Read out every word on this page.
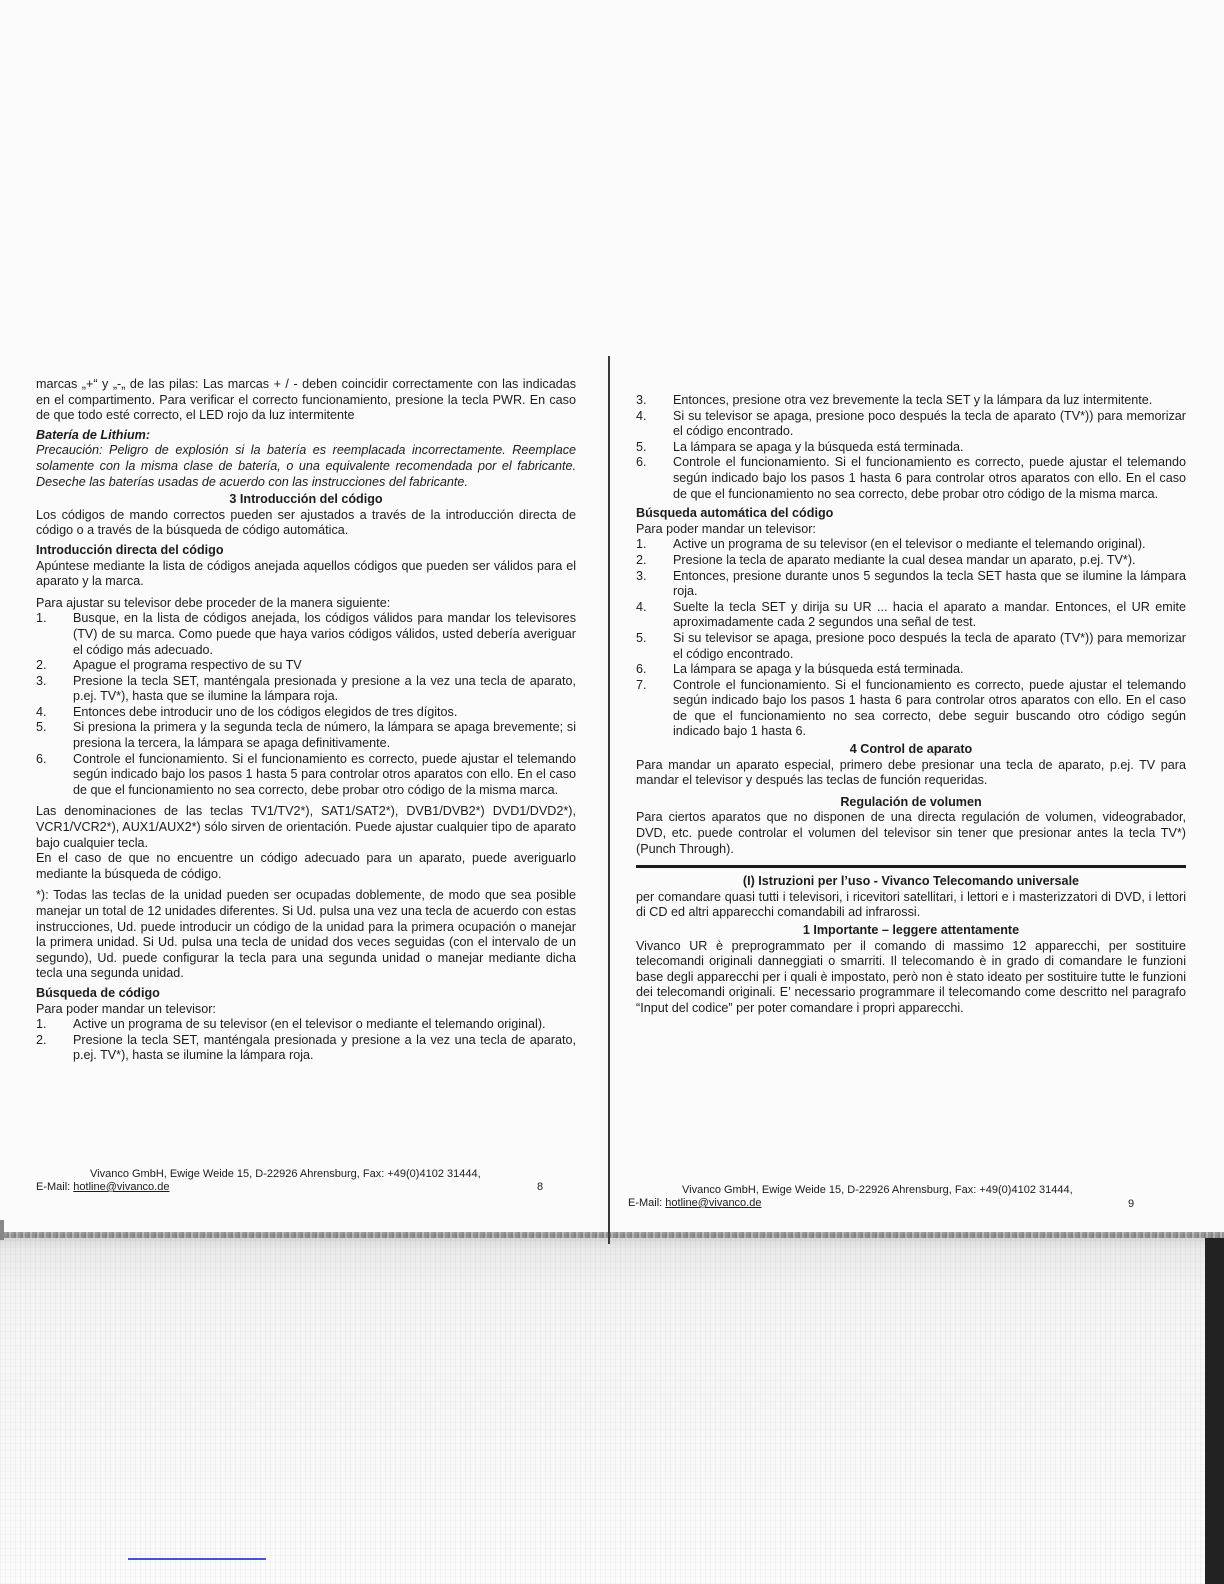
marcas „+“ y „-„ de las pilas: Las marcas + / - deben coincidir correctamente con las indicadas en el compartimento. Para verificar el correcto funcionamiento, presione la tecla PWR. En caso de que todo esté correcto, el LED rojo da luz intermitente

Batería de Lithium:

Precaución: Peligro de explosión si la batería es reemplacada incorrectamente. Reemplace solamente con la misma clase de batería, o una equivalente recomendada por el fabricante. Deseche las baterías usadas de acuerdo con las instrucciones del fabricante.

3 Introducción del código

Los códigos de mando correctos pueden ser ajustados a través de la introducción directa de código o a través de la búsqueda de código automática.

Introducción directa del código

Apúntese mediante la lista de códigos anejada aquellos códigos que pueden ser válidos para el aparato y la marca.

Para ajustar su televisor debe proceder de la manera siguiente:

1. Busque, en la lista de códigos anejada, los códigos válidos para mandar los televisores (TV) de su marca. Como puede que haya varios códigos válidos, usted debería averiguar el código más adecuado.
2. Apague el programa respectivo de su TV
3. Presione la tecla SET, manténgala presionada y presione a la vez una tecla de aparato, p.ej. TV*), hasta que se ilumine la lámpara roja.
4. Entonces debe introducir uno de los códigos elegidos de tres dígitos.
5. Si presiona la primera y la segunda tecla de número, la lámpara se apaga brevemente; si presiona la tercera, la lámpara se apaga definitivamente.
6. Controle el funcionamiento. Si el funcionamiento es correcto, puede ajustar el telemando según indicado bajo los pasos 1 hasta 5 para controlar otros aparatos con ello. En el caso de que el funcionamiento no sea correcto, debe probar otro código de la misma marca.

Las denominaciones de las teclas TV1/TV2*), SAT1/SAT2*), DVB1/DVB2*) DVD1/DVD2*), VCR1/VCR2*), AUX1/AUX2*) sólo sirven de orientación. Puede ajustar cualquier tipo de aparato bajo cualquier tecla.

En el caso de que no encuentre un código adecuado para un aparato, puede averiguarlo mediante la búsqueda de código.

*): Todas las teclas de la unidad pueden ser ocupadas doblemente, de modo que sea posible manejar un total de 12 unidades diferentes. Si Ud. pulsa una vez una tecla de acuerdo con estas instrucciones, Ud. puede introducir un código de la unidad para la primera ocupación o manejar la primera unidad. Si Ud. pulsa una tecla de unidad dos veces seguidas (con el intervalo de un segundo), Ud. puede configurar la tecla para una segunda unidad o manejar mediante dicha tecla una segunda unidad.

Búsqueda de código

Para poder mandar un televisor:

1. Active un programa de su televisor (en el televisor o mediante el telemando original).
2. Presione la tecla SET, manténgala presionada y presione a la vez una tecla de aparato, p.ej. TV*), hasta se ilumine la lámpara roja.
Vivanco GmbH, Ewige Weide 15, D-22926 Ahrensburg, Fax: +49(0)4102 31444,
E-Mail: hotline@vivanco.de	8
3. Entonces, presione otra vez brevemente la tecla SET y la lámpara da luz intermitente.
4. Si su televisor se apaga, presione poco después la tecla de aparato (TV*)) para memorizar el código encontrado.
5. La lámpara se apaga y la búsqueda está terminada.
6. Controle el funcionamiento. Si el funcionamiento es correcto, puede ajustar el telemando según indicado bajo los pasos 1 hasta 6 para controlar otros aparatos con ello. En el caso de que el funcionamiento no sea correcto, debe probar otro código de la misma marca.
Búsqueda automática del código

Para poder mandar un televisor:

1. Active un programa de su televisor (en el televisor o mediante el telemando original).
2. Presione la tecla de aparato mediante la cual desea mandar un aparato, p.ej. TV*).
3. Entonces, presione durante unos 5 segundos la tecla SET hasta que se ilumine la lámpara roja.
4. Suelte la tecla SET y dirija su UR ... hacia el aparato a mandar. Entonces, el UR emite aproximadamente cada 2 segundos una señal de test.
5. Si su televisor se apaga, presione poco después la tecla de aparato (TV*)) para memorizar el código encontrado.
6. La lámpara se apaga y la búsqueda está terminada.
7. Controle el funcionamiento. Si el funcionamiento es correcto, puede ajustar el telemando según indicado bajo los pasos 1 hasta 6 para controlar otros aparatos con ello. En el caso de que el funcionamiento no sea correcto, debe seguir buscando otro código según indicado bajo 1 hasta 6.
4 Control de aparato

Para mandar un aparato especial, primero debe presionar una tecla de aparato, p.ej. TV para mandar el televisor y después las teclas de función requeridas.

Regulación de volumen

Para ciertos aparatos que no disponen de una directa regulación de volumen, videograbador, DVD, etc. puede controlar el volumen del televisor sin tener que presionar antes la tecla TV*) (Punch Through).

(I) Istruzioni per l’uso - Vivanco Telecomando universale

per comandare quasi tutti i televisori, i ricevitori satellitari, i lettori e i masterizzatori di DVD, i lettori di CD ed altri apparecchi comandabili ad infrarossi.

1 Importante – leggere attentamente

Vivanco UR è preprogrammato per il comando di massimo 12 apparecchi, per sostituire telecomandi originali danneggiati o smarriti. Il telecomando è in grado di comandare le funzioni base degli apparecchi per i quali è impostato, però non è stato ideato per sostituire tutte le funzioni dei telecomandi originali. E’ necessario programmare il telecomando come descritto nel paragrafo “Input del codice” per poter comandare i propri apparecchi.

Vivanco GmbH, Ewige Weide 15, D-22926 Ahrensburg, Fax: +49(0)4102 31444,
E-Mail: hotline@vivanco.de	9
